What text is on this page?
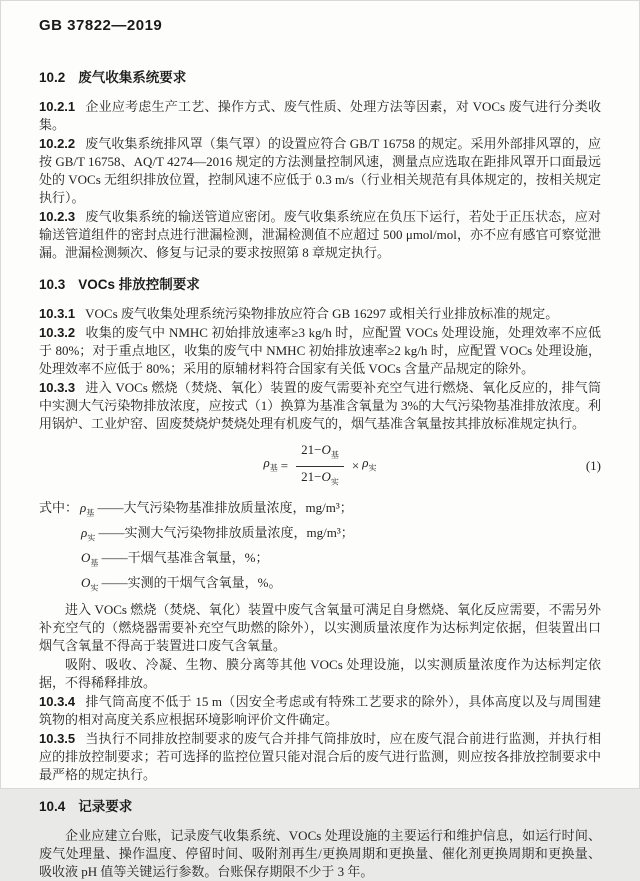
GB 37822—2019
10.2 废气收集系统要求

10.2.1 企业应考虑生产工艺、操作方式、废气性质、处理方法等因素，对 VOCs 废气进行分类收集。

10.2.2 废气收集系统排风罩（集气罩）的设置应符合 GB/T 16758 的规定。采用外部排风罩的，应按 GB/T 16758、AQ/T 4274—2016 规定的方法测量控制风速，测量点应选取在距排风罩开口面最远处的 VOCs 无组织排放位置，控制风速不应低于 0.3 m/s（行业相关规范有具体规定的，按相关规定执行）。

10.2.3 废气收集系统的输送管道应密闭。废气收集系统应在负压下运行，若处于正压状态，应对输送管道组件的密封点进行泄漏检测，泄漏检测值不应超过 500 μmol/mol，亦不应有感官可察觉泄漏。泄漏检测频次、修复与记录的要求按照第 8 章规定执行。

10.3 VOCs 排放控制要求

10.3.1 VOCs 废气收集处理系统污染物排放应符合 GB 16297 或相关行业排放标准的规定。

10.3.2 收集的废气中 NMHC 初始排放速率≥3 kg/h 时，应配置 VOCs 处理设施，处理效率不应低于 80%；对于重点地区，收集的废气中 NMHC 初始排放速率≥2 kg/h 时，应配置 VOCs 处理设施，处理效率不应低于 80%；采用的原辅材料符合国家有关低 VOCs 含量产品规定的除外。

10.3.3 进入 VOCs 燃烧（焚烧、氧化）装置的废气需要补充空气进行燃烧、氧化反应的，排气筒中实测大气污染物排放浓度，应按式（1）换算为基准含氧量为 3%的大气污染物基准排放浓度。利用锅炉、工业炉窑、固废焚烧炉焚烧处理有机废气的，烟气基准含氧量按其排放标准规定执行。

$\rho_基 = \frac{21-O_基}{21-O_实} \times \rho_实$	(1)
式中： $\rho_基$ ——大气污染物基准排放质量浓度，mg/m³；
$\rho_实$ ——实测大气污染物排放质量浓度，mg/m³；
$O_基$ ——干烟气基准含氧量，%；
$O_实$ ——实测的干烟气含氧量，%。

进入 VOCs 燃烧（焚烧、氧化）装置中废气含氧量可满足自身燃烧、氧化反应需要，不需另外补充空气的（燃烧器需要补充空气助燃的除外），以实测质量浓度作为达标判定依据，但装置出口烟气含氧量不得高于装置进口废气含氧量。

吸附、吸收、冷凝、生物、膜分离等其他 VOCs 处理设施，以实测质量浓度作为达标判定依据，不得稀释排放。

10.3.4 排气筒高度不低于 15 m（因安全考虑或有特殊工艺要求的除外），具体高度以及与周围建筑物的相对高度关系应根据环境影响评价文件确定。

10.3.5 当执行不同排放控制要求的废气合并排气筒排放时，应在废气混合前进行监测，并执行相应的排放控制要求；若可选择的监控位置只能对混合后的废气进行监测，则应按各排放控制要求中最严格的规定执行。

10.4 记录要求

企业应建立台账，记录废气收集系统、VOCs 处理设施的主要运行和维护信息，如运行时间、废气处理量、操作温度、停留时间、吸附剂再生/更换周期和更换量、催化剂更换周期和更换量、吸收液 pH 值等关键运行参数。台账保存期限不少于 3 年。
